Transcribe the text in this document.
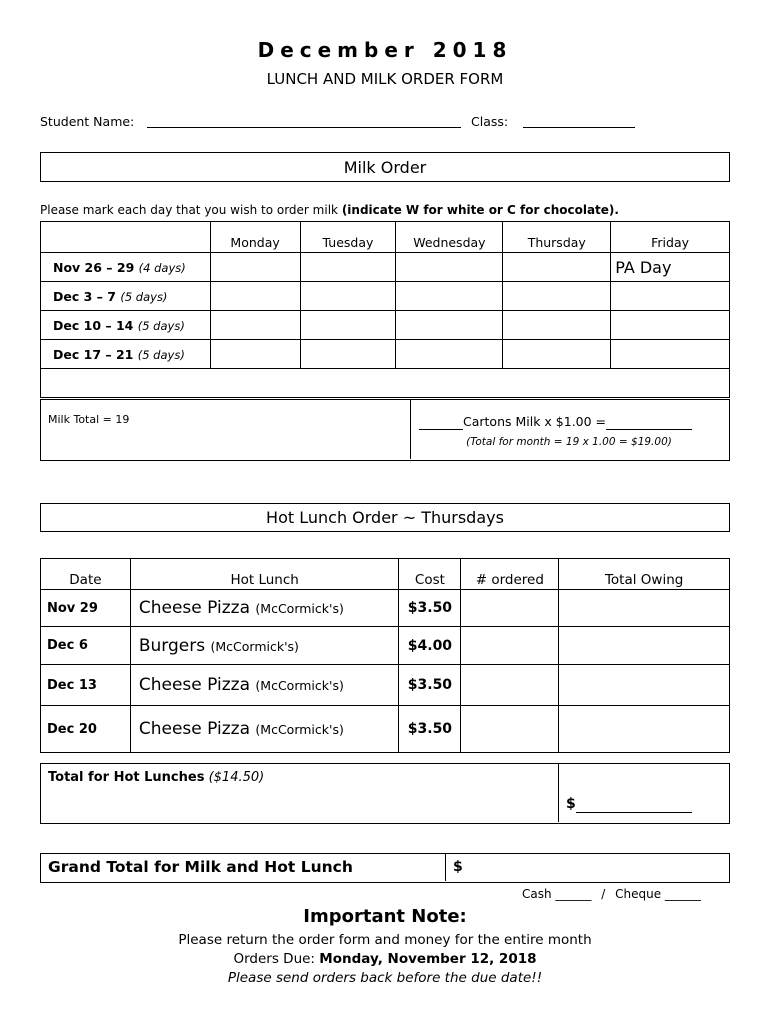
December 2018
LUNCH AND MILK ORDER FORM
Student Name:	Class:
Milk Order
Please mark each day that you wish to order milk (indicate W for white or C for chocolate).
	Monday	Tuesday	Wednesday	Thursday	Friday
Nov 26 – 29 (4 days)					PA Day
Dec 3 – 7 (5 days)					
Dec 10 – 14 (5 days)					
Dec 17 – 21 (5 days)					

Milk Total = 19	Cartons Milk x $1.00 =
(Total for month = 19 x 1.00 = $19.00)
Hot Lunch Order ~ Thursdays
Date	Hot Lunch	Cost	# ordered	Total Owing
Nov 29	Cheese Pizza (McCormick's)	$3.50		
Dec 6	Burgers (McCormick's)	$4.00		
Dec 13	Cheese Pizza (McCormick's)	$3.50		
Dec 20	Cheese Pizza (McCormick's)	$3.50		
Total for Hot Lunches ($14.50)
$
Grand Total for Milk and Hot Lunch	$
Cash ______ / Cheque ______
Important Note:
Please return the order form and money for the entire month
Orders Due: Monday, November 12, 2018
Please send orders back before the due date!!
